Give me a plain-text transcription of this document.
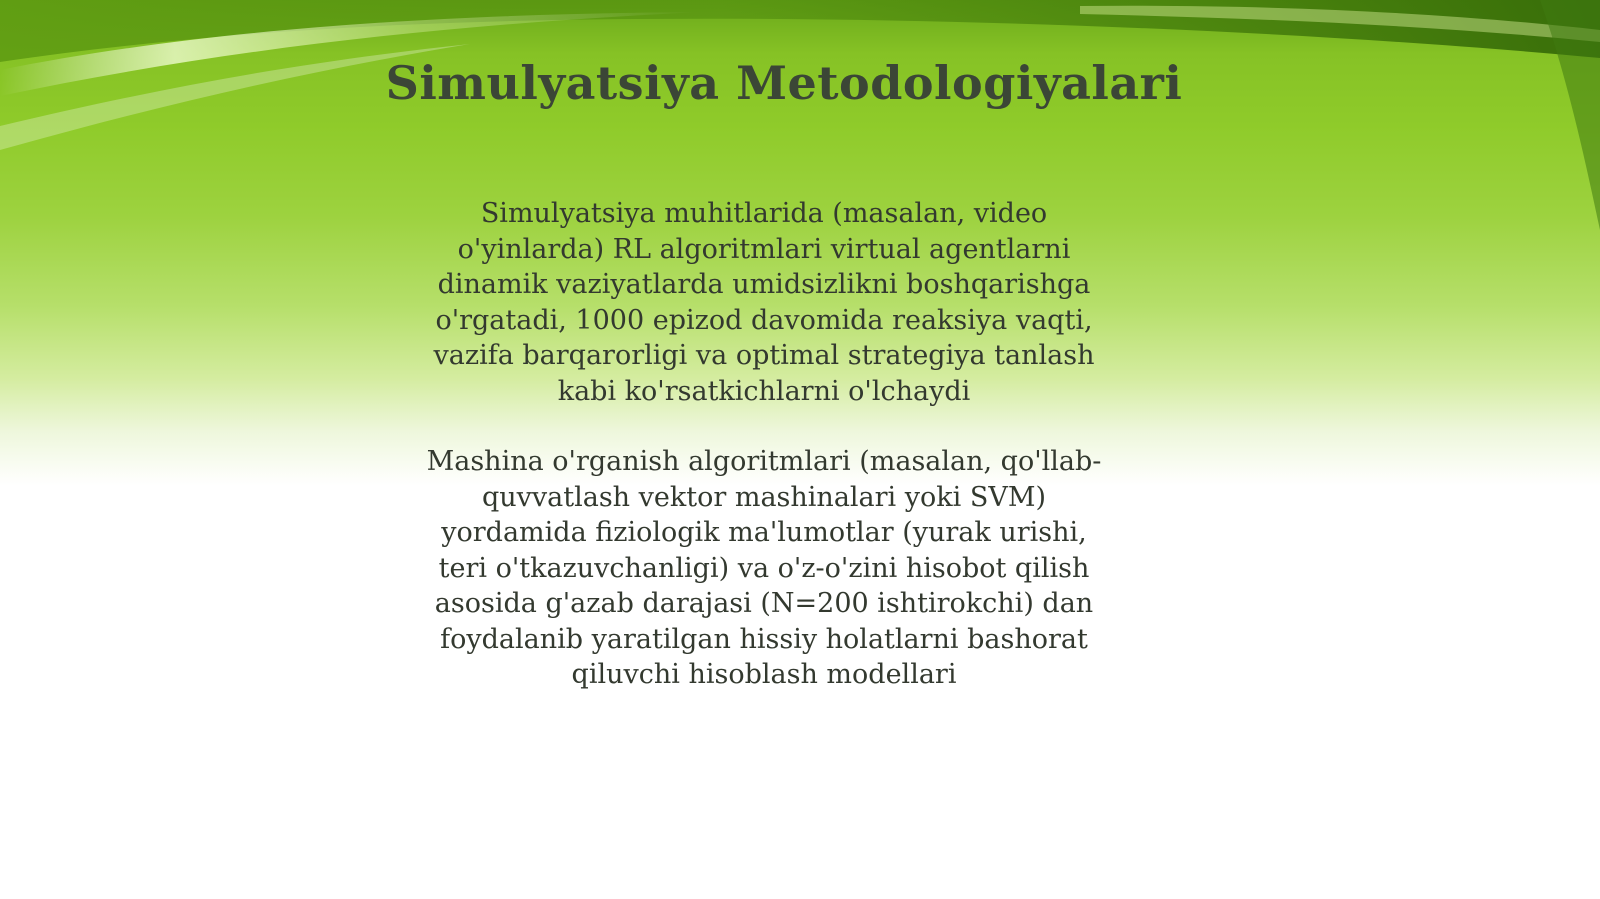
Simulyatsiya Metodologiyalari

Simulyatsiya muhitlarida (masalan, video o'yinlarda) RL algoritmlari virtual agentlarni dinamik vaziyatlarda umidsizlikni boshqarishga o'rgatadi, 1000 epizod davomida reaksiya vaqti, vazifa barqarorligi va optimal strategiya tanlash kabi ko'rsatkichlarni o'lchaydi

Mashina o'rganish algoritmlari (masalan, qo'llab-quvvatlash vektor mashinalari yoki SVM) yordamida fiziologik ma'lumotlar (yurak urishi, teri o'tkazuvchanligi) va o'z-o'zini hisobot qilish asosida g'azab darajasi (N=200 ishtirokchi) dan foydalanib yaratilgan hissiy holatlarni bashorat qiluvchi hisoblash modellari
